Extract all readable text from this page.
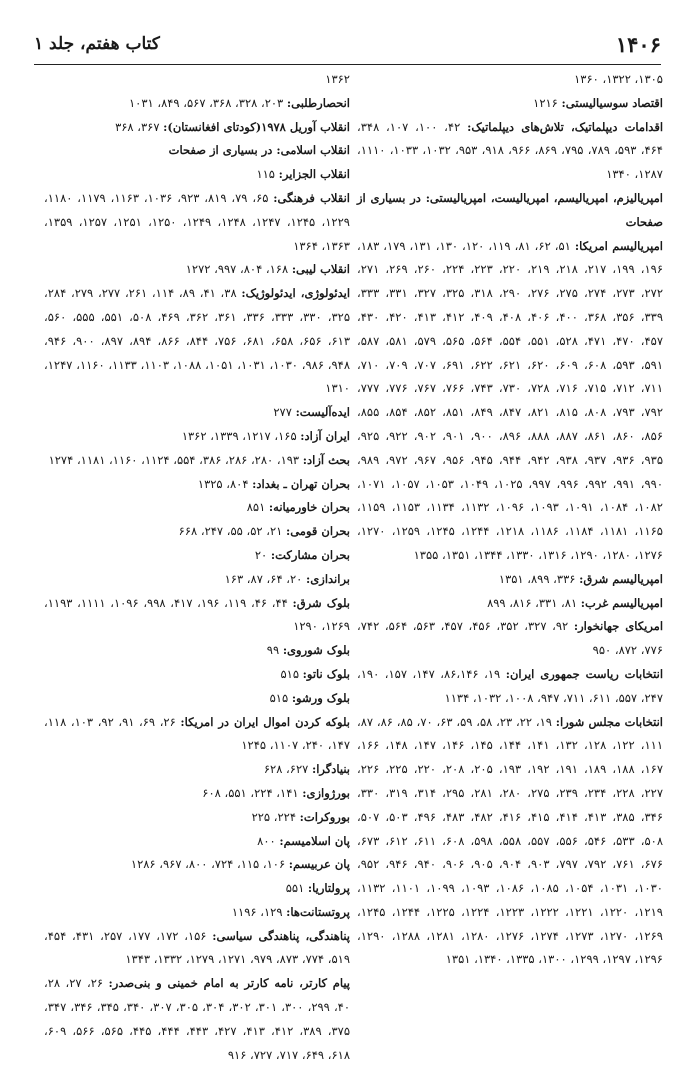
۱۴۰۶
کتاب هفتم، جلد ۱

۱۳۰۵، ۱۳۲۲، ۱۳۶۰

اقتصاد سوسیالیستی: ۱۲۱۶

اقدامات دیپلماتیک، تلاش‌های دیپلماتیک: ۴۲، ۱۰۰، ۱۰۷، ۳۴۸، ۴۶۴، ۵۹۳، ۷۸۹، ۷۹۵، ۸۶۹، ۹۶۶، ۹۱۸، ۹۵۳، ۱۰۳۲، ۱۰۳۳، ۱۱۱۰، ۱۲۸۷، ۱۳۴۰

امپریالیزم، امپریالیسم، امپریالیست، امپریالیستی: در بسیاری از صفحات

امپریالیسم امریکا: ۵۱، ۶۲، ۸۱، ۱۱۹، ۱۲۰، ۱۳۰، ۱۳۱، ۱۷۹، ۱۸۳، ۱۹۶، ۱۹۹، ۲۱۷، ۲۱۸، ۲۱۹، ۲۲۰، ۲۲۳، ۲۲۴، ۲۶۰، ۲۶۹، ۲۷۱، ۲۷۲، ۲۷۳، ۲۷۴، ۲۷۵، ۲۷۶، ۲۹۰، ۳۱۸، ۳۲۵، ۳۲۷، ۳۳۱، ۳۳۳، ۳۳۹، ۳۵۶، ۳۶۸، ۴۰۰، ۴۰۶، ۴۰۸، ۴۰۹، ۴۱۲، ۴۱۳، ۴۲۰، ۴۳۰، ۴۵۷، ۴۷۰، ۴۷۱، ۵۲۸، ۵۵۱، ۵۵۴، ۵۶۴، ۵۶۵، ۵۷۹، ۵۸۱، ۵۸۷، ۵۹۱، ۵۹۳، ۶۰۸، ۶۰۹، ۶۲۰، ۶۲۱، ۶۲۲، ۶۹۱، ۷۰۷، ۷۰۹، ۷۱۰، ۷۱۱، ۷۱۲، ۷۱۵، ۷۱۶، ۷۲۸، ۷۳۰، ۷۴۳، ۷۶۶، ۷۶۷، ۷۷۶، ۷۷۷، ۷۹۲، ۷۹۳، ۸۰۸، ۸۱۵، ۸۲۱، ۸۴۷، ۸۴۹، ۸۵۱، ۸۵۲، ۸۵۴، ۸۵۵، ۸۵۶، ۸۶۰، ۸۶۱، ۸۸۷، ۸۸۸، ۸۹۶، ۹۰۰، ۹۰۱، ۹۰۲، ۹۲۲، ۹۲۵، ۹۳۵، ۹۳۶، ۹۳۷، ۹۳۸، ۹۴۲، ۹۴۴، ۹۴۵، ۹۵۶، ۹۶۷، ۹۷۲، ۹۸۹، ۹۹۰، ۹۹۱، ۹۹۲، ۹۹۶، ۹۹۷، ۱۰۲۵، ۱۰۴۹، ۱۰۵۳، ۱۰۵۷، ۱۰۷۱، ۱۰۸۲، ۱۰۸۴، ۱۰۹۱، ۱۰۹۳، ۱۰۹۶، ۱۱۳۲، ۱۱۳۴، ۱۱۵۳، ۱۱۵۹، ۱۱۶۵، ۱۱۸۱، ۱۱۸۴، ۱۱۸۶، ۱۲۱۸، ۱۲۴۴، ۱۲۴۵، ۱۲۵۹، ۱۲۷۰، ۱۲۷۶، ۱۲۸۰، ۱۲۹۰، ۱۳۱۶، ۱۳۳۰، ۱۳۴۴، ۱۳۵۱، ۱۳۵۵

امپریالیسم شرق: ۳۳۶، ۸۹۹، ۱۳۵۱

امپریالیسم غرب: ۸۱، ۳۳۱، ۸۱۶، ۸۹۹

امریکای جهانخوار: ۹۲، ۳۲۷، ۳۵۲، ۴۵۶، ۴۵۷، ۵۶۳، ۵۶۴، ۷۴۲، ۷۷۶، ۸۷۲، ۹۵۰

انتخابات ریاست جمهوری ایران: ۱۹، ۸۶،۱۴۶، ۱۴۷، ۱۵۷، ۱۹۰، ۲۴۷، ۵۵۷، ۶۱۱، ۷۱۱، ۹۴۷، ۱۰۰۸، ۱۰۳۲، ۱۱۳۴

انتخابات مجلس شورا: ۱۹، ۲۲، ۲۳، ۵۸، ۵۹، ۶۳، ۷۰، ۸۵، ۸۶، ۸۷، ۱۱۱، ۱۲۲، ۱۲۸، ۱۳۲، ۱۴۱، ۱۴۴، ۱۴۵، ۱۴۶، ۱۴۷، ۱۴۸، ۱۶۶، ۱۶۷، ۱۸۸، ۱۸۹، ۱۹۱، ۱۹۲، ۱۹۳، ۲۰۵، ۲۰۸، ۲۲۰، ۲۲۵، ۲۲۶، ۲۲۷، ۲۲۸، ۲۳۴، ۲۳۹، ۲۷۵، ۲۸۰، ۲۸۱، ۲۹۵، ۳۱۴، ۳۱۹، ۳۳۰، ۳۴۶، ۳۸۵، ۴۱۳، ۴۱۴، ۴۱۵، ۴۱۶، ۴۸۲، ۴۸۳، ۴۹۶، ۵۰۳، ۵۰۷، ۵۰۸، ۵۳۳، ۵۴۶، ۵۵۶، ۵۵۷، ۵۵۸، ۵۹۸، ۶۰۸، ۶۱۱، ۶۱۲، ۶۷۳، ۶۷۶، ۷۶۱، ۷۹۲، ۷۹۷، ۹۰۳، ۹۰۴، ۹۰۵، ۹۰۶، ۹۴۰، ۹۴۶، ۹۵۲، ۱۰۳۰، ۱۰۳۱، ۱۰۵۴، ۱۰۸۵، ۱۰۸۶، ۱۰۹۳، ۱۰۹۹، ۱۱۰۱، ۱۱۳۲، ۱۲۱۹، ۱۲۲۰، ۱۲۲۱، ۱۲۲۲، ۱۲۲۳، ۱۲۲۴، ۱۲۲۵، ۱۲۴۴، ۱۲۴۵، ۱۲۶۹، ۱۲۷۰، ۱۲۷۳، ۱۲۷۴، ۱۲۷۶، ۱۲۸۰، ۱۲۸۱، ۱۲۸۸، ۱۲۹۰، ۱۲۹۶، ۱۲۹۷، ۱۲۹۹، ۱۳۰۰، ۱۳۳۵، ۱۳۴۰، ۱۳۵۱

۱۳۶۲

انحصارطلبی: ۲۰۳، ۳۲۸، ۳۶۸، ۵۶۷، ۸۴۹، ۱۰۳۱

انقلاب آوریل ۱۹۷۸(کودتای افغانستان): ۳۶۷، ۳۶۸

انقلاب اسلامی: در بسیاری از صفحات

انقلاب الجزایر: ۱۱۵

انقلاب فرهنگی: ۶۵، ۷۹، ۸۱۹، ۹۲۳، ۱۰۳۶، ۱۱۶۳، ۱۱۷۹، ۱۱۸۰، ۱۲۲۹، ۱۲۴۵، ۱۲۴۷، ۱۲۴۸، ۱۲۴۹، ۱۲۵۰، ۱۲۵۱، ۱۲۵۷، ۱۳۵۹، ۱۳۶۳، ۱۳۶۴

انقلاب لیبی: ۱۶۸، ۸۰۴، ۹۹۷، ۱۲۷۲

ایدئولوژی، ایدئولوژیک: ۳۸، ۴۱، ۸۹، ۱۱۴، ۲۶۱، ۲۷۷، ۲۷۹، ۲۸۴، ۳۲۵، ۳۳۰، ۳۳۳، ۳۳۶، ۳۶۱، ۳۶۲، ۴۶۹، ۵۰۸، ۵۵۱، ۵۵۵، ۵۶۰، ۶۱۳، ۶۵۶، ۶۵۸، ۶۸۱، ۷۵۶، ۸۴۴، ۸۶۶، ۸۹۴، ۸۹۷، ۹۰۰، ۹۴۶، ۹۴۸، ۹۸۶، ۱۰۳۰، ۱۰۳۱، ۱۰۵۱، ۱۰۸۸، ۱۱۰۳، ۱۱۳۳، ۱۱۶۰، ۱۲۴۷، ۱۳۱۰

ایده‌آلیست: ۲۷۷

ایران آزاد: ۱۶۵، ۱۲۱۷، ۱۳۳۹، ۱۳۶۲

بحث آزاد: ۱۹۳، ۲۸۰، ۲۸۶، ۳۸۶، ۵۵۴، ۱۱۲۴، ۱۱۶۰، ۱۱۸۱، ۱۲۷۴

بحران تهران ـ بغداد: ۸۰۴، ۱۳۲۵

بحران خاورمیانه: ۸۵۱

بحران قومی: ۲۱، ۵۲، ۵۵، ۲۴۷، ۶۶۸

بحران مشارکت: ۲۰

براندازی: ۲۰، ۶۴، ۸۷، ۱۶۳

بلوک شرق: ۴۴، ۴۶، ۱۱۹، ۱۹۶، ۴۱۷، ۹۹۸، ۱۰۹۶، ۱۱۱۱، ۱۱۹۳، ۱۲۶۹، ۱۲۹۰

بلوک شوروی: ۹۹

بلوک ناتو: ۵۱۵

بلوک ورشو: ۵۱۵

بلوکه کردن اموال ایران در امریکا: ۲۶، ۶۹، ۹۱، ۹۲، ۱۰۳، ۱۱۸، ۱۴۷، ۲۴۰، ۱۱۰۷، ۱۲۴۵

بنیادگرا: ۶۲۷، ۶۲۸

بورژوازی: ۱۴۱، ۲۲۴، ۵۵۱، ۶۰۸

بوروکرات: ۲۲۴، ۲۲۵

پان اسلامیسم: ۸۰۰

پان عربیسم: ۱۰۶، ۱۱۵، ۷۲۴، ۸۰۰، ۹۶۷، ۱۲۸۶

پرولتاریا: ۵۵۱

پروتستانت‌ها: ۱۲۹، ۱۱۹۶

پناهندگی، پناهندگی سیاسی: ۱۵۶، ۱۷۲، ۱۷۷، ۲۵۷، ۴۳۱، ۴۵۴، ۵۱۹، ۷۷۴، ۸۷۳، ۹۷۹، ۱۲۷۱، ۱۲۷۹، ۱۳۳۲، ۱۳۴۳

پیام کارتر، نامه کارتر به امام خمینی و بنی‌صدر: ۲۶، ۲۷، ۲۸، ۴۰، ۲۹۹، ۳۰۰، ۳۰۱، ۳۰۲، ۳۰۴، ۳۰۵، ۳۰۷، ۳۴۰، ۳۴۵، ۳۴۶، ۳۴۷، ۳۷۵، ۳۸۹، ۴۱۲، ۴۱۳، ۴۲۷، ۴۴۳، ۴۴۴، ۴۴۵، ۵۶۵، ۵۶۶، ۶۰۹، ۶۱۸، ۶۴۹، ۷۱۷، ۷۲۷، ۹۱۶
